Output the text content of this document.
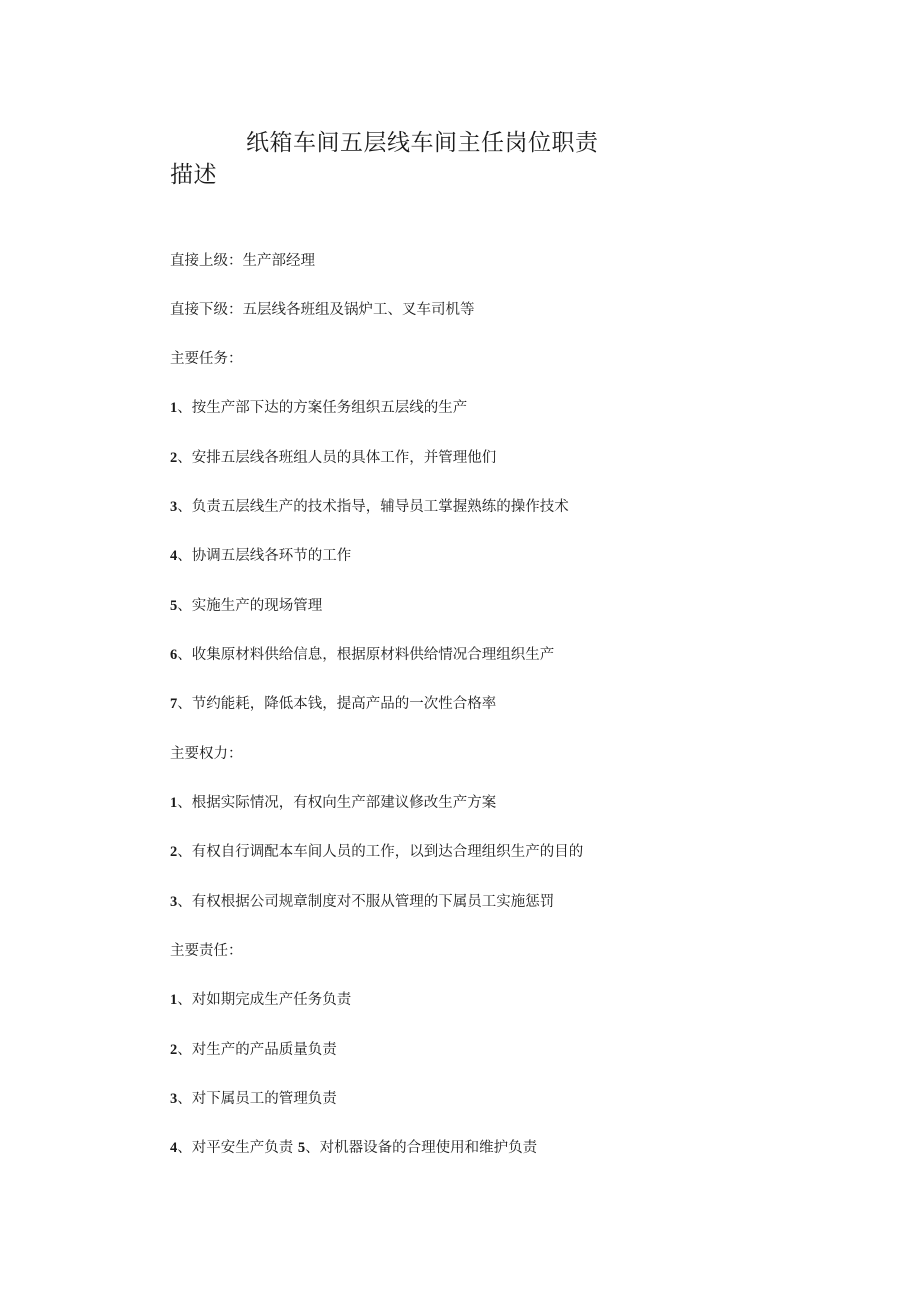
纸箱车间五层线车间主任岗位职责
描述
直接上级：生产部经理
直接下级：五层线各班组及锅炉工、叉车司机等
主要任务：
1、按生产部下达的方案任务组织五层线的生产
2、安排五层线各班组人员的具体工作，并管理他们
3、负责五层线生产的技术指导，辅导员工掌握熟练的操作技术
4、协调五层线各环节的工作
5、实施生产的现场管理
6、收集原材料供给信息，根据原材料供给情况合理组织生产
7、节约能耗，降低本钱，提高产品的一次性合格率
主要权力：
1、根据实际情况，有权向生产部建议修改生产方案
2、有权自行调配本车间人员的工作，以到达合理组织生产的目的
3、有权根据公司规章制度对不服从管理的下属员工实施惩罚
主要责任：
1、对如期完成生产任务负责
2、对生产的产品质量负责
3、对下属员工的管理负责
4、对平安生产负责 5、对机器设备的合理使用和维护负责
